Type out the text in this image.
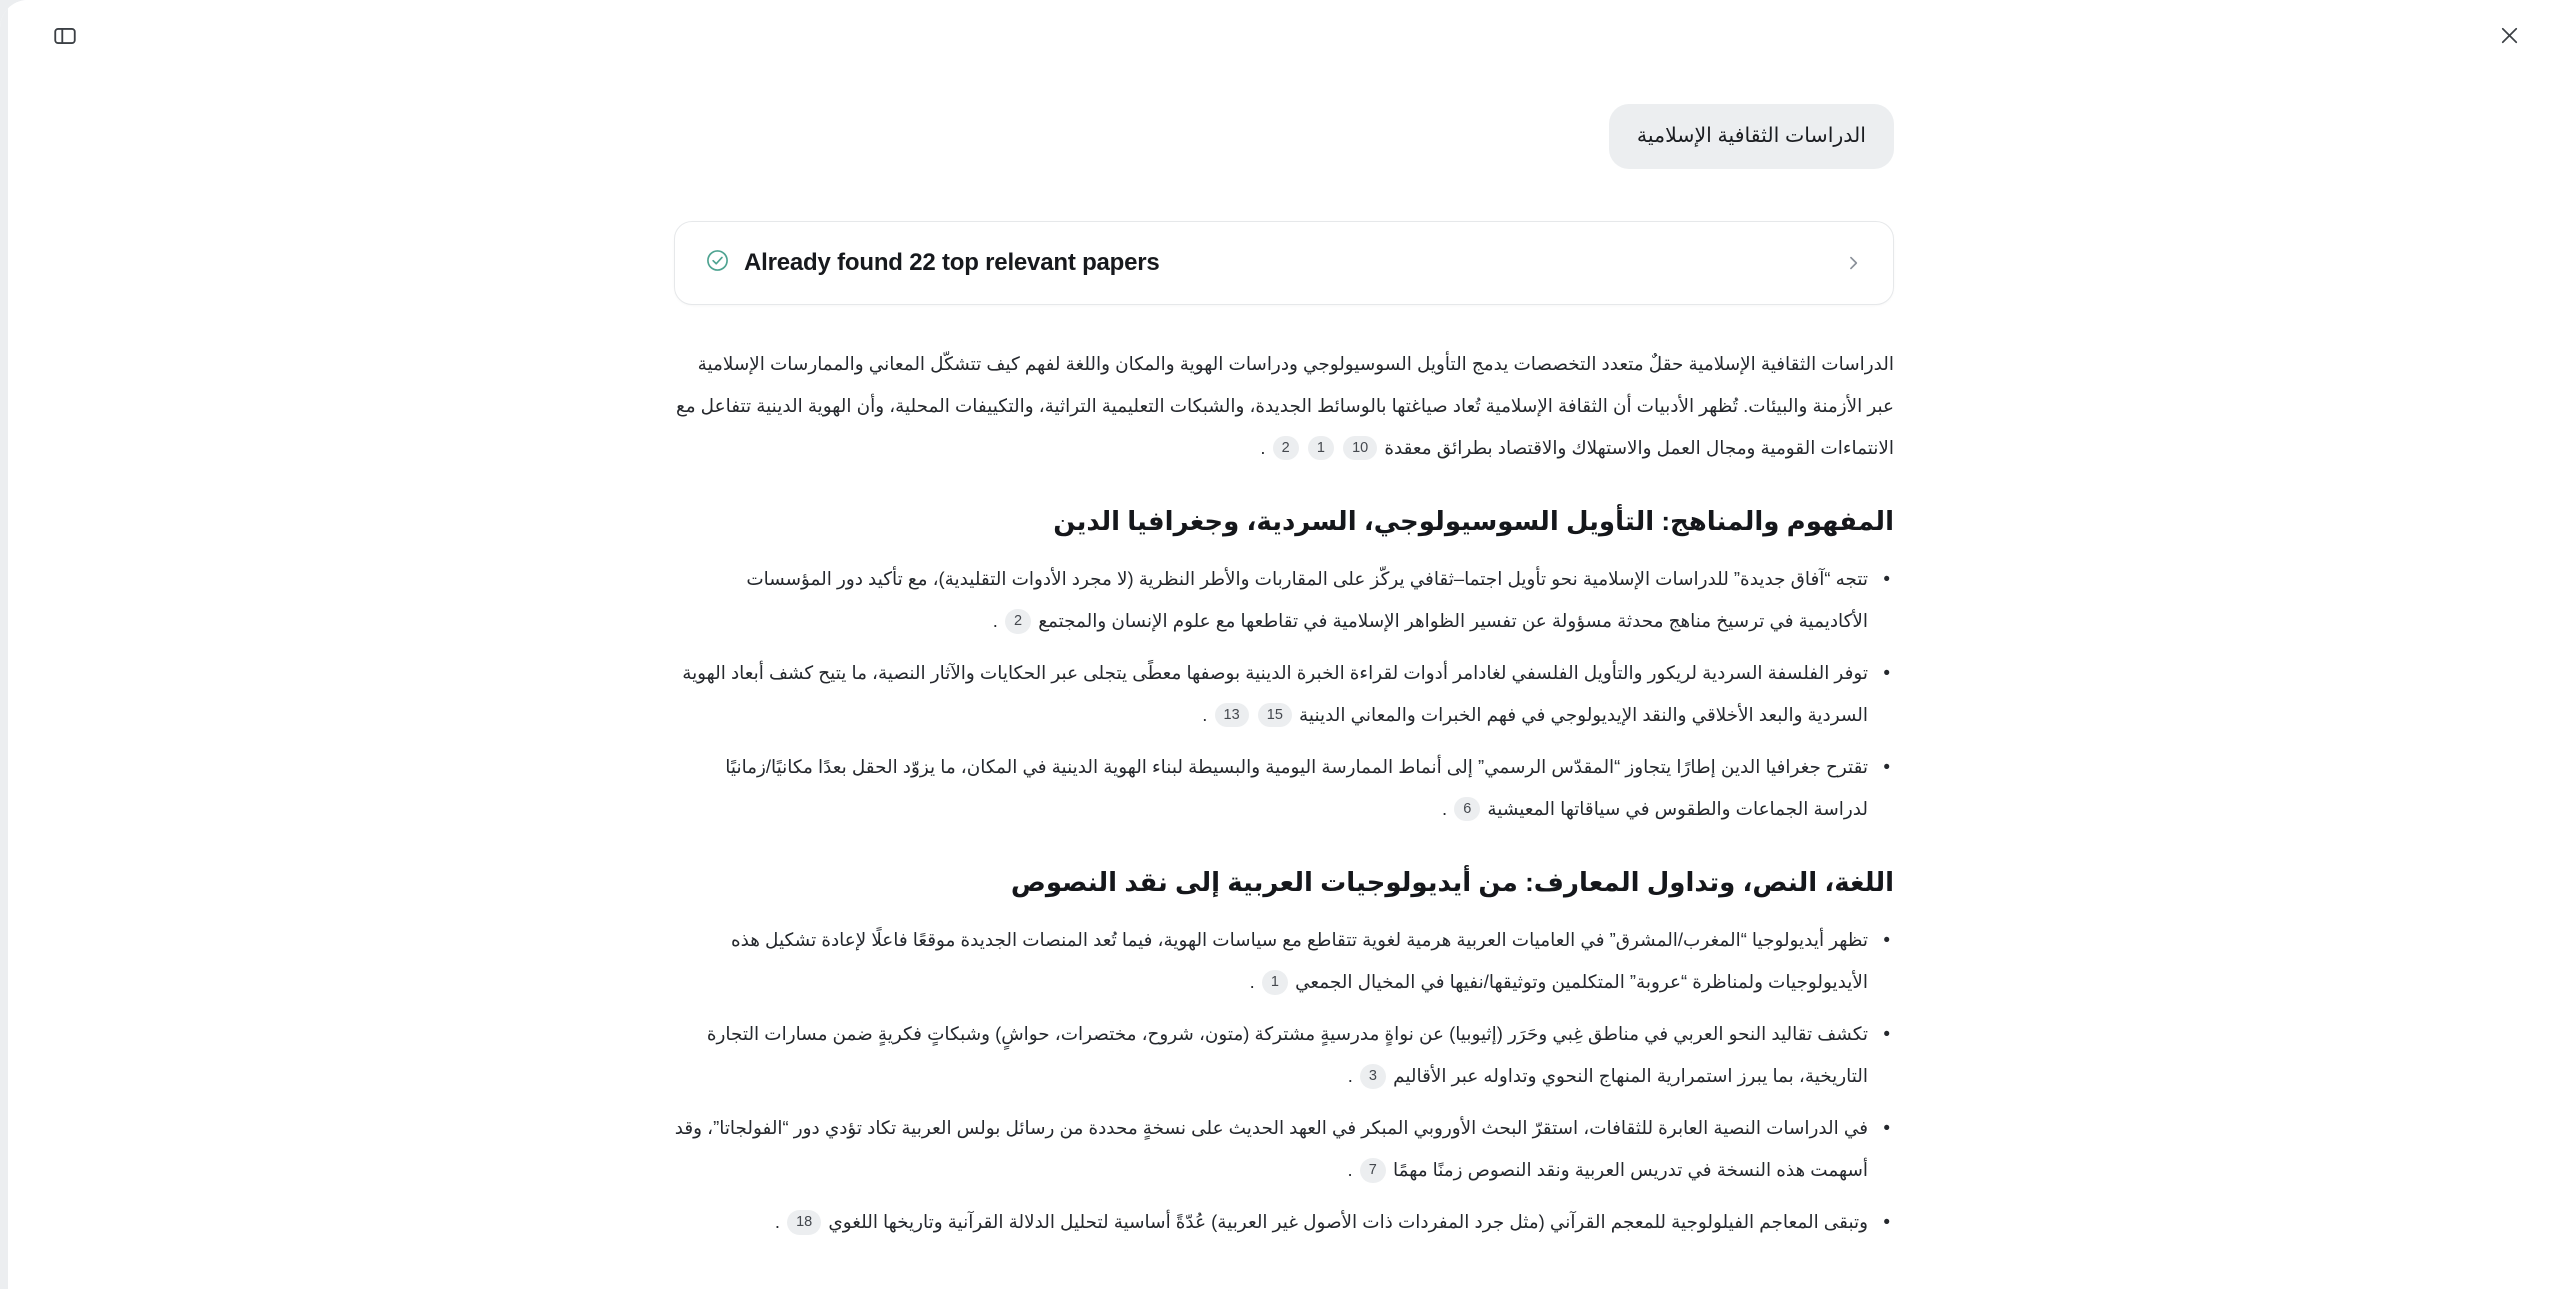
الدراسات الثقافية الإسلامية
Already found 22 top relevant papers

الدراسات الثقافية الإسلامية حقلٌ متعدد التخصصات يدمج التأويل السوسيولوجي ودراسات الهوية والمكان واللغة لفهم كيف تتشكّل المعاني والممارسات الإسلامية عبر الأزمنة والبيئات. تُظهر الأدبيات أن الثقافة الإسلامية تُعاد صياغتها بالوسائط الجديدة، والشبكات التعليمية التراثية، والتكييفات المحلية، وأن الهوية الدينية تتفاعل مع الانتماءات القومية ومجال العمل والاستهلاك والاقتصاد بطرائق معقدة 10 1 2 .

المفهوم والمناهج: التأويل السوسيولوجي، السردية، وجغرافيا الدين
• تتجه “آفاق جديدة” للدراسات الإسلامية نحو تأويل اجتما–ثقافي يركّز على المقاربات والأطر النظرية (لا مجرد الأدوات التقليدية)، مع تأكيد دور المؤسسات الأكاديمية في ترسيخ مناهج محدثة مسؤولة عن تفسير الظواهر الإسلامية في تقاطعها مع علوم الإنسان والمجتمع 2 .
• توفر الفلسفة السردية لريكور والتأويل الفلسفي لغادامر أدوات لقراءة الخبرة الدينية بوصفها معطًى يتجلى عبر الحكايات والآثار النصية، ما يتيح كشف أبعاد الهوية السردية والبعد الأخلاقي والنقد الإيديولوجي في فهم الخبرات والمعاني الدينية 15 13 .
• تقترح جغرافيا الدين إطارًا يتجاوز “المقدّس الرسمي” إلى أنماط الممارسة اليومية والبسيطة لبناء الهوية الدينية في المكان، ما يزوّد الحقل بعدًا مكانيًا/زمانيًا لدراسة الجماعات والطقوس في سياقاتها المعيشية 6 .
اللغة، النص، وتداول المعارف: من أيديولوجيات العربية إلى نقد النصوص
• تظهر أيديولوجيا “المغرب/المشرق” في العاميات العربية هرمية لغوية تتقاطع مع سياسات الهوية، فيما تُعد المنصات الجديدة موقعًا فاعلًا لإعادة تشكيل هذه الأيديولوجيات ولمناظرة “عروبة” المتكلمين وتوثيقها/نفيها في المخيال الجمعي 1 .
• تكشف تقاليد النحو العربي في مناطق غِبي وحَرَر (إثيوبيا) عن نواةٍ مدرسيةٍ مشتركة (متون، شروح، مختصرات، حواشٍ) وشبكاتٍ فكريةٍ ضمن مسارات التجارة التاريخية، بما يبرز استمرارية المنهاج النحوي وتداوله عبر الأقاليم 3 .
• في الدراسات النصية العابرة للثقافات، استقرّ البحث الأوروبي المبكر في العهد الحديث على نسخةٍ محددة من رسائل بولس العربية تكاد تؤدي دور “الفولجاتا”، وقد أسهمت هذه النسخة في تدريس العربية ونقد النصوص زمنًا مهمًا 7 .
• وتبقى المعاجم الفيلولوجية للمعجم القرآني (مثل جرد المفردات ذات الأصول غير العربية) عُدّةً أساسية لتحليل الدلالة القرآنية وتاريخها اللغوي 18 .
